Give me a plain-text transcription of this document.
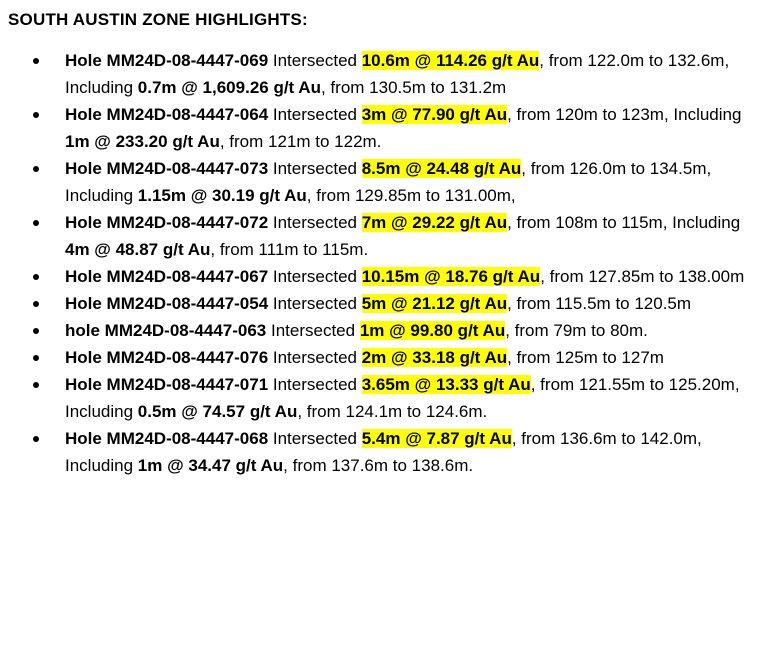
SOUTH AUSTIN ZONE HIGHLIGHTS:
Hole MM24D-08-4447-069 Intersected 10.6m @ 114.26 g/t Au, from 122.0m to 132.6m, Including 0.7m @ 1,609.26 g/t Au, from 130.5m to 131.2m
Hole MM24D-08-4447-064 Intersected 3m @ 77.90 g/t Au, from 120m to 123m, Including 1m @ 233.20 g/t Au, from 121m to 122m.
Hole MM24D-08-4447-073 Intersected 8.5m @ 24.48 g/t Au, from 126.0m to 134.5m, Including 1.15m @ 30.19 g/t Au, from 129.85m to 131.00m,
Hole MM24D-08-4447-072 Intersected 7m @ 29.22 g/t Au, from 108m to 115m, Including 4m @ 48.87 g/t Au, from 111m to 115m.
Hole MM24D-08-4447-067 Intersected 10.15m @ 18.76 g/t Au, from 127.85m to 138.00m
Hole MM24D-08-4447-054 Intersected 5m @ 21.12 g/t Au, from 115.5m to 120.5m
hole MM24D-08-4447-063 Intersected 1m @ 99.80 g/t Au, from 79m to 80m.
Hole MM24D-08-4447-076 Intersected 2m @ 33.18 g/t Au, from 125m to 127m
Hole MM24D-08-4447-071 Intersected 3.65m @ 13.33 g/t Au, from 121.55m to 125.20m, Including 0.5m @ 74.57 g/t Au, from 124.1m to 124.6m.
Hole MM24D-08-4447-068 Intersected 5.4m @ 7.87 g/t Au, from 136.6m to 142.0m, Including 1m @ 34.47 g/t Au, from 137.6m to 138.6m.
